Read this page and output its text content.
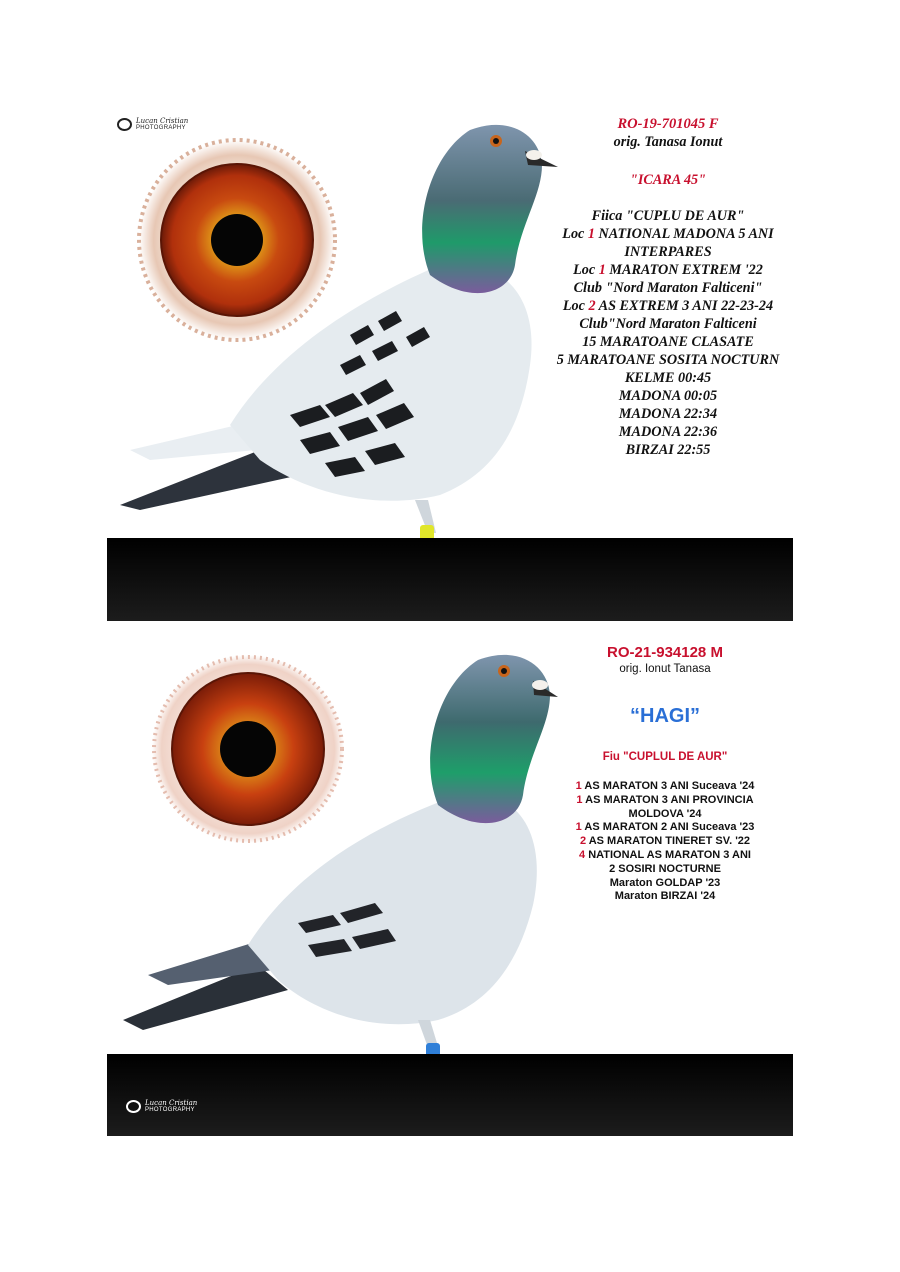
Lucan Cristian
PHOTOGRAPHY	RO-19-701045 F
orig. Tanasa Ionut
"ICARA 45"
Fiica "CUPLU DE AUR"
Loc 1 NATIONAL MADONA 5 ANI
INTERPARES
Loc 1 MARATON EXTREM '22
Club "Nord Maraton Falticeni"
Loc 2 AS EXTREM 3 ANI 22-23-24
Club"Nord Maraton Falticeni
15 MARATOANE CLASATE
5 MARATOANE SOSITA NOCTURN
KELME 00:45
MADONA 00:05
MADONA 22:34
MADONA 22:36
BIRZAI 22:55
Lucan Cristian
PHOTOGRAPHY
RO-21-934128 M
orig. Ionut Tanasa
“HAGI”
Fiu "CUPLUL DE AUR"
1 AS MARATON 3 ANI Suceava '24
1 AS MARATON 3 ANI PROVINCIA
MOLDOVA '24
1 AS MARATON 2 ANI Suceava '23
2 AS MARATON TINERET SV. '22
4 NATIONAL AS MARATON 3 ANI
2 SOSIRI NOCTURNE
Maraton GOLDAP '23
Maraton BIRZAI '24
